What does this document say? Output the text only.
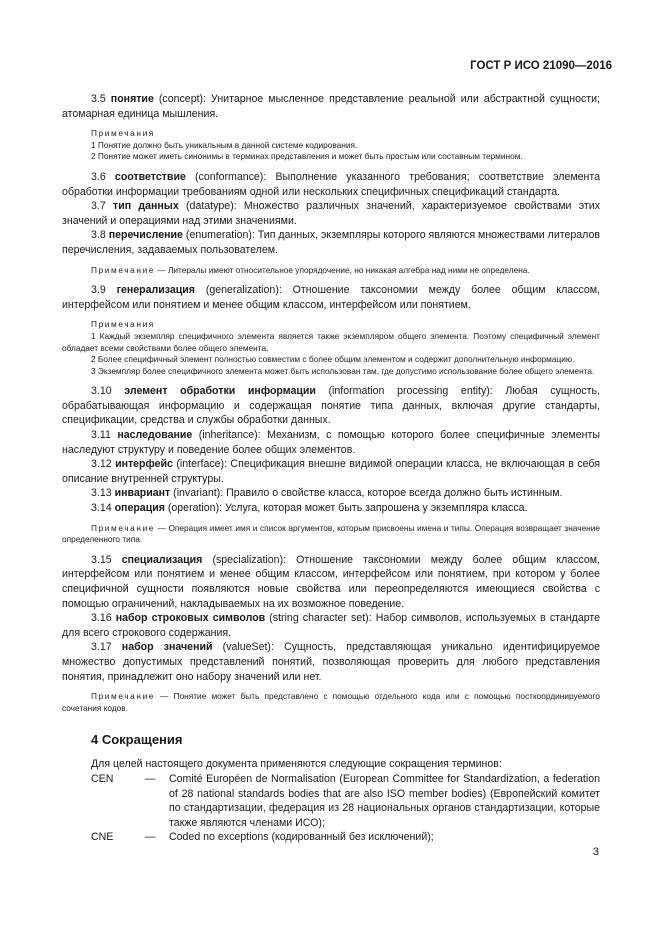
ГОСТ Р ИСО 21090—2016

3.5 понятие (concept): Унитарное мысленное представление реальной или абстрактной сущности; атомарная единица мышления.

Примечания

1 Понятие должно быть уникальным в данной системе кодирования.

2 Понятие может иметь синонимы в терминах представления и может быть простым или составным термином.

3.6 соответствие (conformance): Выполнение указанного требования; соответствие элемента обработки информации требованиям одной или нескольких специфичных спецификаций стандарта.

3.7 тип данных (datatype): Множество различных значений, характеризуемое свойствами этих значений и операциями над этими значениями.

3.8 перечисление (enumeration): Тип данных, экземпляры которого являются множествами литералов перечисления, задаваемых пользователем.

Примечание — Литералы имеют относительное упорядочение, но никакая алгебра над ними не определена.

3.9 генерализация (generalization): Отношение таксономии между более общим классом, интерфейсом или понятием и менее общим классом, интерфейсом или понятием.

Примечания

1 Каждый экземпляр специфичного элемента является также экземпляром общего элемента. Поэтому специфичный элемент обладает всеми свойствами более общего элемента.

2 Более специфичный элемент полностью совместим с более общим элементом и содержит дополнительную информацию.

3 Экземпляр более специфичного элемента может быть использован там, где допустимо использование более общего элемента.

3.10 элемент обработки информации (information processing entity): Любая сущность, обрабатывающая информацию и содержащая понятие типа данных, включая другие стандарты, спецификации, средства и службы обработки данных.

3.11 наследование (inheritance): Механизм, с помощью которого более специфичные элементы наследуют структуру и поведение более общих элементов.

3.12 интерфейс (interface): Спецификация внешне видимой операции класса, не включающая в себя описание внутренней структуры.

3.13 инвариант (invariant): Правило о свойстве класса, которое всегда должно быть истинным.

3.14 операция (operation): Услуга, которая может быть запрошена у экземпляра класса.

Примечание — Операция имеет имя и список аргументов, которым присвоены имена и типы. Операция возвращает значение определенного типа.

3.15 специализация (specialization): Отношение таксономии между более общим классом, интерфейсом или понятием и менее общим классом, интерфейсом или понятием, при котором у более специфичной сущности появляются новые свойства или переопределяются имеющиеся свойства с помощью ограничений, накладываемых на их возможное поведение.

3.16 набор строковых символов (string character set): Набор символов, используемых в стандарте для всего строкового содержания.

3.17 набор значений (valueSet): Сущность, представляющая уникально идентифицируемое множество допустимых представлений понятий, позволяющая проверить для любого представления понятия, принадлежит оно набору значений или нет.

Примечание — Понятие может быть представлено с помощью отдельного кода или с помощью посткоординируемого сочетания кодов.

4 Сокращения

Для целей настоящего документа применяются следующие сокращения терминов:

CEN	—	Comité Européen de Normalisation (European Committee for Standardization, a federation of 28 national standards bodies that are also ISO member bodies) (Европейский комитет по стандартизации, федерация из 28 национальных органов стандартизации, которые также являются членами ИСО);
CNE	—	Coded no exceptions (кодированный без исключений);
3
